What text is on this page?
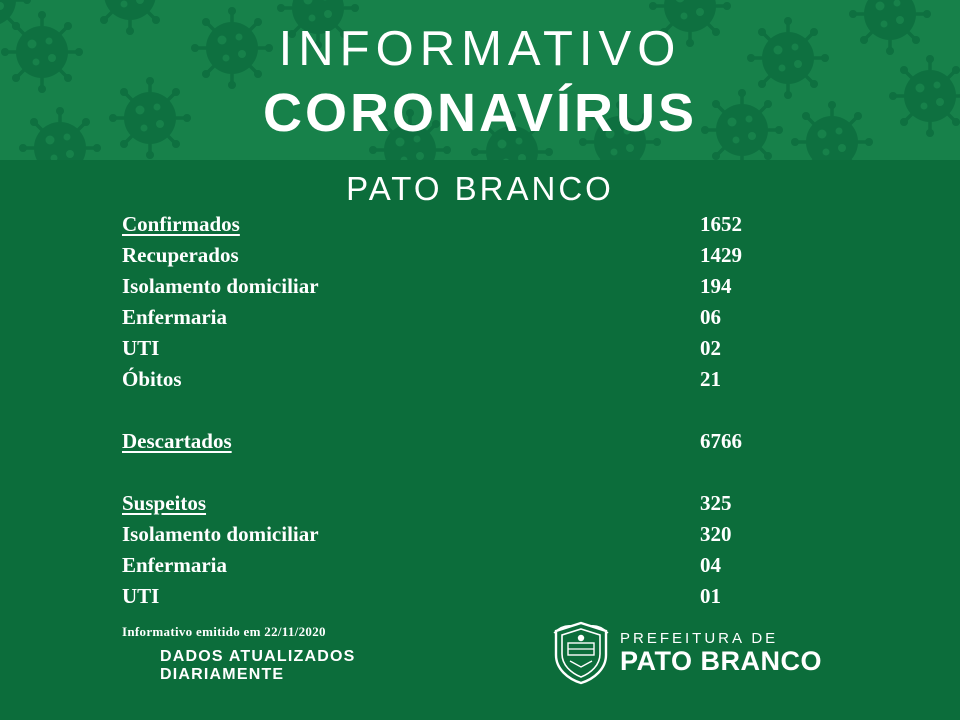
INFORMATIVO
CORONAVÍRUS
PATO BRANCO
Confirmados	1652
Recuperados	1429
Isolamento domiciliar	194
Enfermaria	06
UTI	02
Óbitos	21
Descartados	6766
Suspeitos	325
Isolamento domiciliar	320
Enfermaria	04
UTI	01
Informativo emitido em 22/11/2020
DADOS ATUALIZADOS
DIARIAMENTE
PREFEITURA DE
PATO BRANCO
